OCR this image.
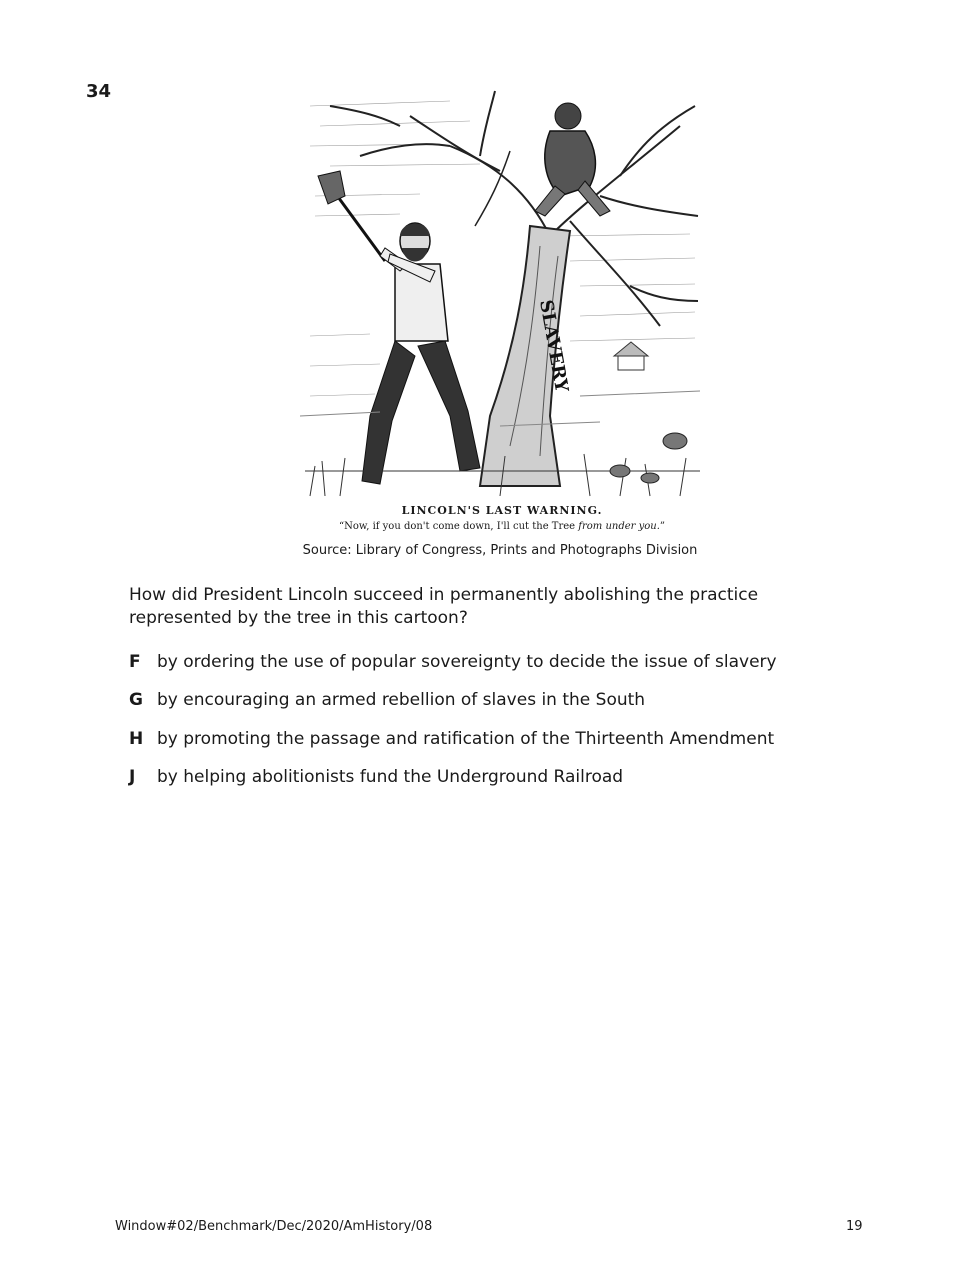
34
SLAVERY
LINCOLN'S LAST WARNING.
“Now, if you don't come down, I'll cut the Tree from under you.”
Source: Library of Congress, Prints and Photographs Division
How did President Lincoln succeed in permanently abolishing the practice represented by the tree in this cartoon?
F by ordering the use of popular sovereignty to decide the issue of slavery
G by encouraging an armed rebellion of slaves in the South
H by promoting the passage and ratification of the Thirteenth Amendment
J by helping abolitionists fund the Underground Railroad
Window#02/Benchmark/Dec/2020/AmHistory/08	19
